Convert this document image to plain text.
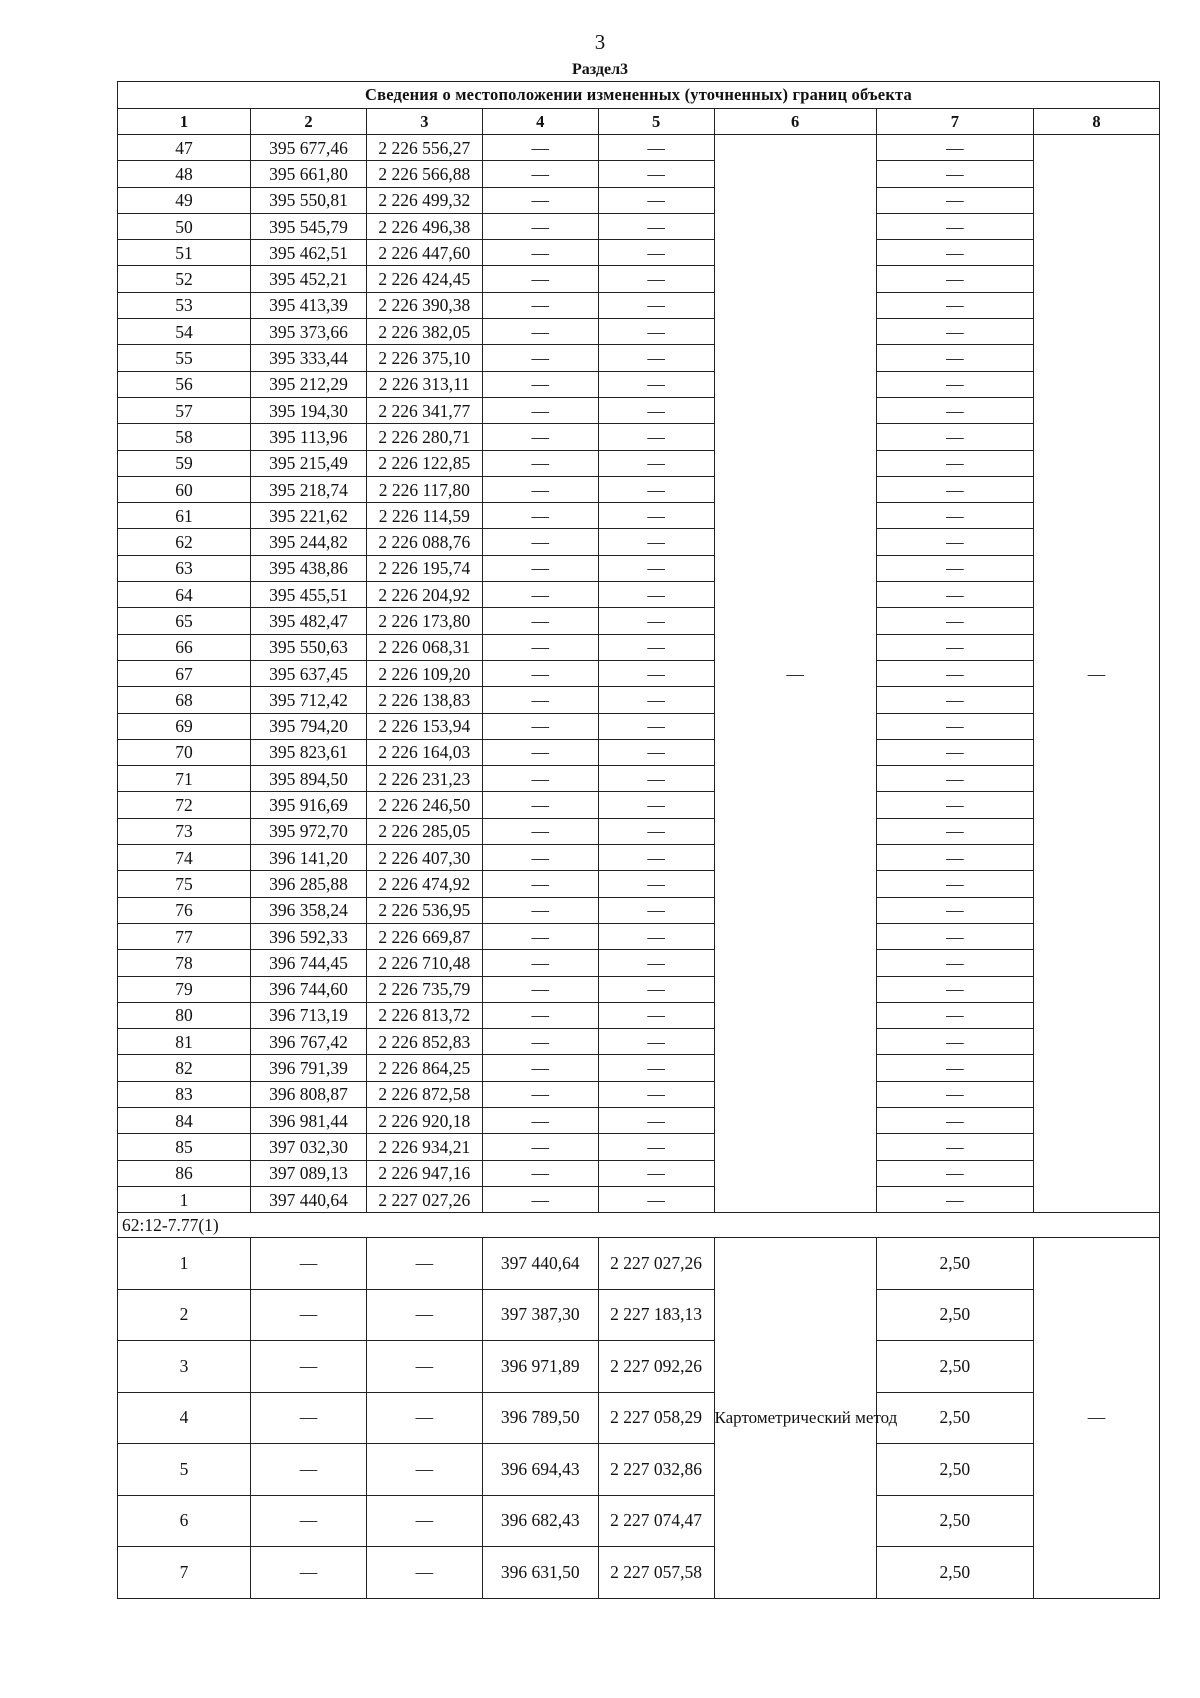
3
Раздел3
Сведения о местоположении измененных (уточненных) границ объекта							
1	2	3	4	5	6	7	8
47	395 677,46	2 226 556,27	—	—	—	—	—
48	395 661,80	2 226 566,88	—	—		—	
49	395 550,81	2 226 499,32	—	—		—	
50	395 545,79	2 226 496,38	—	—		—	
51	395 462,51	2 226 447,60	—	—		—	
52	395 452,21	2 226 424,45	—	—		—	
53	395 413,39	2 226 390,38	—	—		—	
54	395 373,66	2 226 382,05	—	—		—	
55	395 333,44	2 226 375,10	—	—		—	
56	395 212,29	2 226 313,11	—	—		—	
57	395 194,30	2 226 341,77	—	—		—	
58	395 113,96	2 226 280,71	—	—		—	
59	395 215,49	2 226 122,85	—	—		—	
60	395 218,74	2 226 117,80	—	—		—	
61	395 221,62	2 226 114,59	—	—		—	
62	395 244,82	2 226 088,76	—	—		—	
63	395 438,86	2 226 195,74	—	—		—	
64	395 455,51	2 226 204,92	—	—		—	
65	395 482,47	2 226 173,80	—	—		—	
66	395 550,63	2 226 068,31	—	—		—	
67	395 637,45	2 226 109,20	—	—		—	
68	395 712,42	2 226 138,83	—	—		—	
69	395 794,20	2 226 153,94	—	—		—	
70	395 823,61	2 226 164,03	—	—		—	
71	395 894,50	2 226 231,23	—	—		—	
72	395 916,69	2 226 246,50	—	—		—	
73	395 972,70	2 226 285,05	—	—		—	
74	396 141,20	2 226 407,30	—	—		—	
75	396 285,88	2 226 474,92	—	—		—	
76	396 358,24	2 226 536,95	—	—		—	
77	396 592,33	2 226 669,87	—	—		—	
78	396 744,45	2 226 710,48	—	—		—	
79	396 744,60	2 226 735,79	—	—		—	
80	396 713,19	2 226 813,72	—	—		—	
81	396 767,42	2 226 852,83	—	—		—	
82	396 791,39	2 226 864,25	—	—		—	
83	396 808,87	2 226 872,58	—	—		—	
84	396 981,44	2 226 920,18	—	—		—	
85	397 032,30	2 226 934,21	—	—		—	
86	397 089,13	2 226 947,16	—	—		—	
1	397 440,64	2 227 027,26	—	—		—	
62:12-7.77(1)							
1	—	—	397 440,64	2 227 027,26	Картометрический метод	2,50	—
2	—	—	397 387,30	2 227 183,13		2,50	
3	—	—	396 971,89	2 227 092,26		2,50	
4	—	—	396 789,50	2 227 058,29		2,50	
5	—	—	396 694,43	2 227 032,86		2,50	
6	—	—	396 682,43	2 227 074,47		2,50	
7	—	—	396 631,50	2 227 057,58		2,50	
